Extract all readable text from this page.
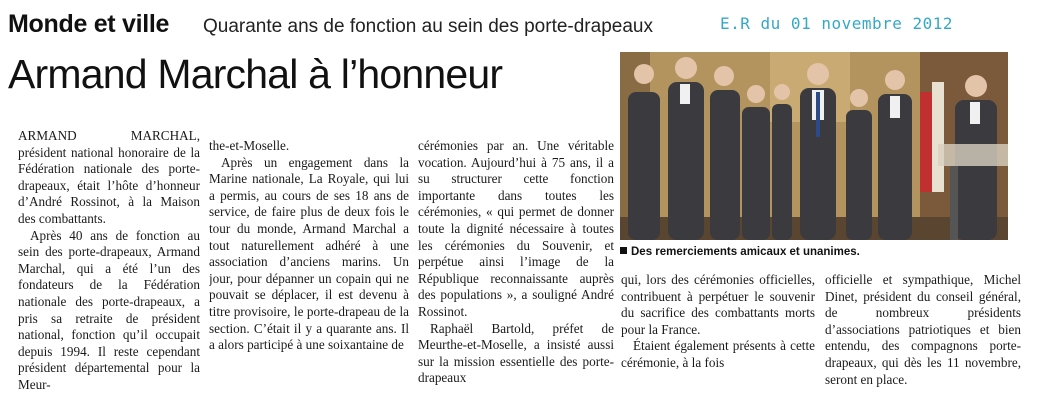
Monde et ville Quarante ans de fonction au sein des porte-drapeaux	E.R du 01 novembre 2012
Armand Marchal à l’honneur

ARMAND MARCHAL, président national honoraire de la Fédération nationale des porte-drapeaux, était l’hôte d’honneur d’André Rossinot, à la Maison des combattants.

Après 40 ans de fonction au sein des porte-drapeaux, Armand Marchal, qui a été l’un des fondateurs de la Fédération nationale des porte-drapeaux, a pris sa retraite de président national, fonction qu’il occupait depuis 1994. Il reste cependant président départemental pour la Meur-

the-et-Moselle.

Après un engagement dans la Marine nationale, La Royale, qui lui a permis, au cours de ses 18 ans de service, de faire plus de deux fois le tour du monde, Armand Marchal a tout naturellement adhéré à une association d’anciens marins. Un jour, pour dépanner un copain qui ne pouvait se déplacer, il est devenu à titre provisoire, le porte-drapeau de la section. C’était il y a quarante ans. Il a alors participé à une soixantaine de

cérémonies par an. Une véritable vocation. Aujourd’hui à 75 ans, il a su structurer cette fonction importante dans toutes les cérémonies, « qui permet de donner toute la dignité nécessaire à toutes les cérémonies du Souvenir, et perpétue ainsi l’image de la République reconnaissante auprès des populations », a souligné André Rossinot.

Raphaël Bartold, préfet de Meurthe-et-Moselle, a insisté aussi sur la mission essentielle des porte-drapeaux

Des remerciements amicaux et unanimes.

qui, lors des cérémonies officielles, contribuent à perpétuer le souvenir du sacrifice des combattants morts pour la France.

Étaient également présents à cette cérémonie, à la fois

officielle et sympathique, Michel Dinet, président du conseil général, de nombreux présidents d’associations patriotiques et bien entendu, des compagnons porte-drapeaux, qui dès les 11 novembre, seront en place.
